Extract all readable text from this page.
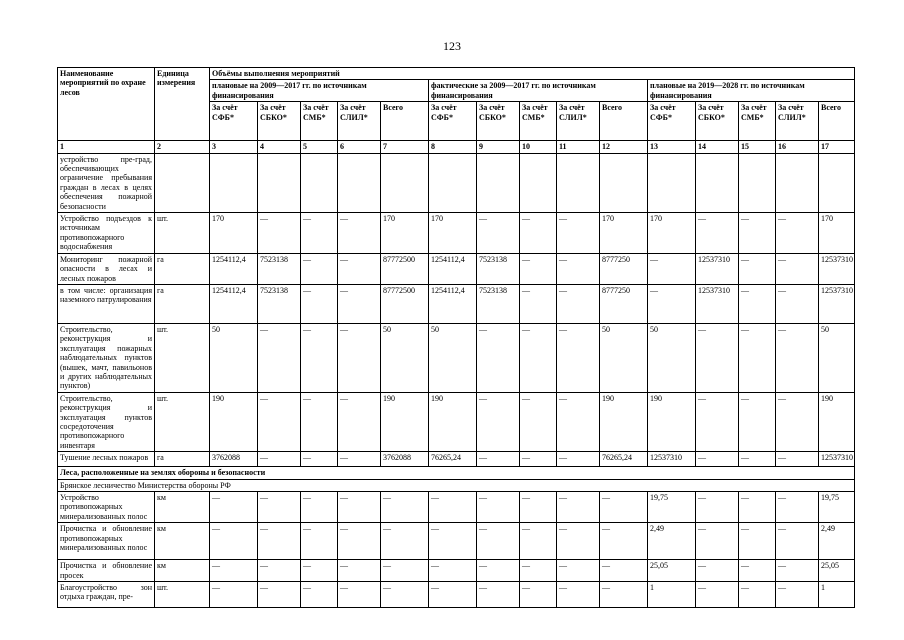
123
Наименование мероприятий по охране лесов	Единица измерения	Объёмы выполнения мероприятий														
		плановые на 2009—2017 гг. по источникам финансирования					фактические за 2009—2017 гг. по источникам финансирования					плановые на 2019—2028 гг. по источникам финансирования				
		За счёт СФБ*	За счёт СБКО*	За счёт СМБ*	За счёт СЛИЛ*	Всего	За счёт СФБ*	За счёт СБКО*	За счёт СМБ*	За счёт СЛИЛ*	Всего	За счёт СФБ*	За счёт СБКО*	За счёт СМБ*	За счёт СЛИЛ*	Всего
1	2	3	4	5	6	7	8	9	10	11	12	13	14	15	16	17
устройство пре-град, обеспечивающих ограничение пребывания граждан в лесах в целях обеспечения пожарной безопасности																
Устройство подъездов к источникам противопожарного водоснабжения	шт.	170	—	—	—	170	170	—	—	—	170	170	—	—	—	170
Мониторинг пожарной опасности в лесах и лесных пожаров	га	1254112,4	7523138	—	—	87772500	1254112,4	7523138	—	—	8777250	—	12537310	—	—	12537310
в том числе: организация наземного патрулирования	га	1254112,4	7523138	—	—	87772500	1254112,4	7523138	—	—	8777250	—	12537310	—	—	12537310
Строительство, реконструкция и эксплуатация пожарных наблюдательных пунктов (вышек, мачт, павильонов и других наблюдательных пунктов)	шт.	50	—	—	—	50	50	—	—	—	50	50	—	—	—	50
Строительство, реконструкция и эксплуатация пунктов сосредоточения противопожарного инвентаря	шт.	190	—	—	—	190	190	—	—	—	190	190	—	—	—	190
Тушение лесных пожаров	га	3762088	—	—	—	3762088	76265,24	—	—	—	76265,24	12537310	—	—	—	12537310
Леса, расположенные на землях обороны и безопасности																
Брянское лесничество Министерства обороны РФ																
Устройство противопожарных минерализованных полос	км	—	—	—	—	—	—	—	—	—	—	19,75	—	—	—	19,75
Прочистка и обновление противопожарных минерализованных полос	км	—	—	—	—	—	—	—	—	—	—	2,49	—	—	—	2,49
Прочистка и обновление просек	км	—	—	—	—	—	—	—	—	—	—	25,05	—	—	—	25,05
Благоустройство зон отдыха граждан, пре-	шт.	—	—	—	—	—	—	—	—	—	—	1	—	—	—	1
